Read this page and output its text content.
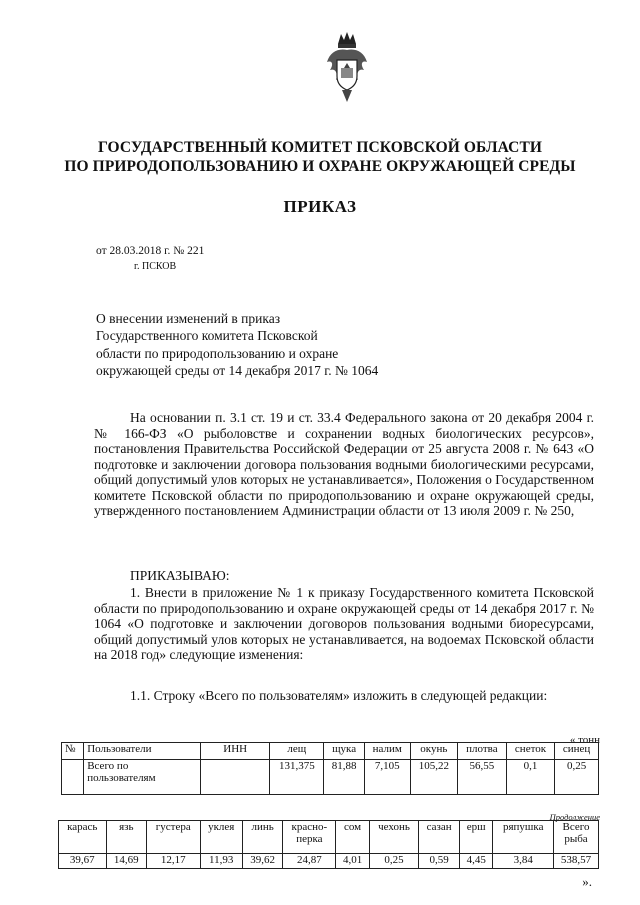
ГОСУДАРСТВЕННЫЙ КОМИТЕТ ПСКОВСКОЙ ОБЛАСТИ
ПО ПРИРОДОПОЛЬЗОВАНИЮ И ОХРАНЕ ОКРУЖАЮЩЕЙ СРЕДЫ
ПРИКАЗ
от 28.03.2018 г. № 221
г. ПСКОВ
О внесении изменений в приказ
Государственного комитета Псковской
области по природопользованию и охране
окружающей среды от 14 декабря 2017 г. № 1064
На основании п. 3.1 ст. 19 и ст. 33.4 Федерального закона от 20 декабря 2004 г. № 166-ФЗ «О рыболовстве и сохранении водных биологических ресурсов», постановления Правительства Российской Федерации от 25 августа 2008 г. № 643 «О подготовке и заключении договора пользования водными биологическими ресурсами, общий допустимый улов которых не устанавливается», Положения о Государственном комитете Псковской области по природопользованию и охране окружающей среды, утвержденного постановлением Администрации области от 13 июля 2009 г. № 250,
ПРИКАЗЫВАЮ:
1. Внести в приложение № 1 к приказу Государственного комитета Псковской области по природопользованию и охране окружающей среды от 14 декабря 2017 г. № 1064 «О подготовке и заключении договоров пользования водными биоресурсами, общий допустимый улов которых не устанавливается, на водоемах Псковской области на 2018 год» следующие изменения:
1.1. Строку «Всего по пользователям» изложить в следующей редакции:
« тонн
№	Пользователи	ИНН	лещ	щука	налим	окунь	плотва	снеток	синец
	Всего по пользователям		131,375	81,88	7,105	105,22	56,55	0,1	0,25
Продолжение
карась	язь	густера	уклея	линь	красно-перка	сом	чехонь	сазан	ерш	ряпушка	Всего рыба
39,67	14,69	12,17	11,93	39,62	24,87	4,01	0,25	0,59	4,45	3,84	538,57
».
